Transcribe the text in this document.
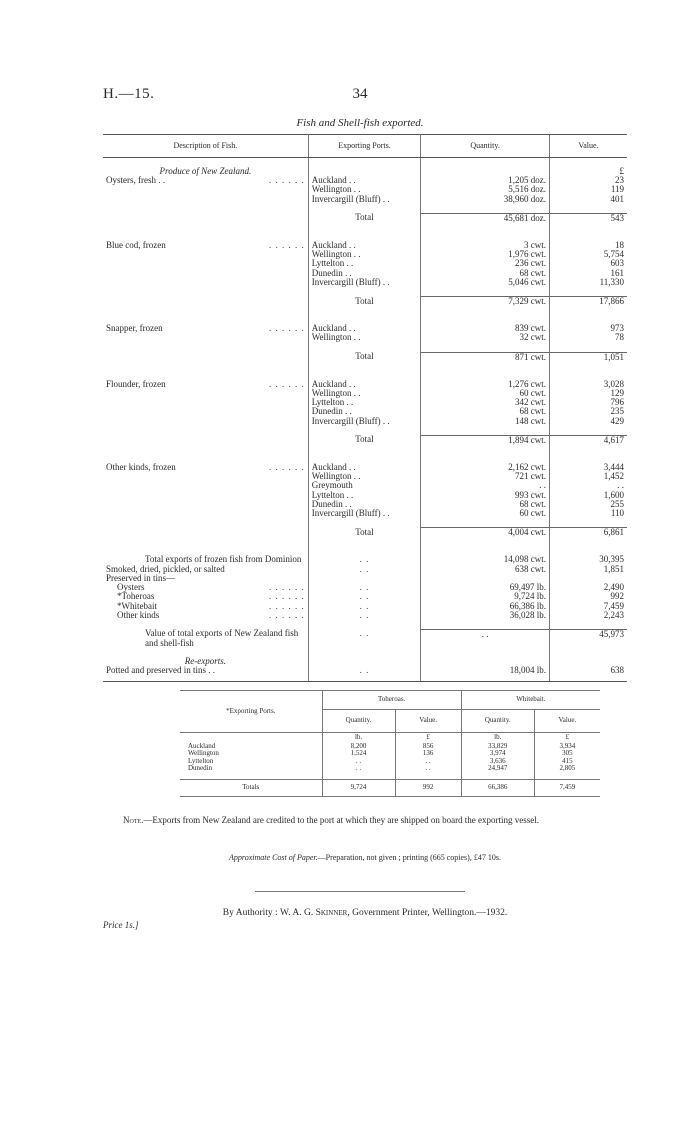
H.—15.	34
Fish and Shell-fish exported.
Description of Fish.	Exporting Ports.	Quantity.	Value.

Produce of New Zealand.			£
Oysters, fresh . . . . . . . .	Auckland . .	1,205 doz.	23
	Wellington . .	5,516 doz.	119
	Invercargill (Bluff) . .	38,960 doz.	401

	Total	45,681 doz.	543

Blue cod, frozen . . . . . .	Auckland . .	3 cwt.	18
	Wellington . .	1,976 cwt.	5,754
	Lyttelton . .	236 cwt.	603
	Dunedin . .	68 cwt.	161
	Invercargill (Bluff) . .	5,046 cwt.	11,330

	Total	7,329 cwt.	17,866

Snapper, frozen . . . . . .	Auckland . .	839 cwt.	973
	Wellington . .	32 cwt.	78

	Total	871 cwt.	1,051

Flounder, frozen . . . . . .	Auckland . .	1,276 cwt.	3,028
	Wellington . .	60 cwt.	129
	Lyttelton . .	342 cwt.	796
	Dunedin . .	68 cwt.	235
	Invercargill (Bluff) . .	148 cwt.	429

	Total	1,894 cwt.	4,617

Other kinds, frozen . . . . . .	Auckland . .	2,162 cwt.	3,444
	Wellington . .	721 cwt.	1,452
	Greymouth	. .	. .
	Lyttelton . .	993 cwt.	1,600
	Dunedin . .	68 cwt.	255
	Invercargill (Bluff) . .	60 cwt.	110

	Total	4,004 cwt.	6,861

Total exports of frozen fish from Dominion	. .	14,098 cwt.	30,395
Smoked, dried, pickled, or salted	. .	638 cwt.	1,851
Preserved in tins—			
Oysters . . . . . .	. .	69,497 lb.	2,490
*Toheroas . . . . . .	. .	9,724 lb.	992
*Whitebait . . . . . .	. .	66,386 lb.	7,459
Other kinds . . . . . .	. .	36,028 lb.	2,243

Value of total exports of New Zealand fish and shell-fish	. .	. .	45,973

Re-exports.			
Potted and preserved in tins . .	. .	18,004 lb.	638

*Exporting Ports.	Toheroas.		Whitebait.	
	Quantity.	Value.	Quantity.	Value.
	lb.	£	lb.	£
Auckland	8,200	856	33,829	3,934
Wellington	1,524	136	3,974	305
Lyttelton	. .	. .	3,636	415
Dunedin	. .	. .	24,947	2,805

Totals	9,724	992	66,386	7,459
Note.—Exports from New Zealand are credited to the port at which they are shipped on board the exporting vessel.
Approximate Cost of Paper.—Preparation, not given ; printing (665 copies), £47 10s.
By Authority : W. A. G. Skinner, Government Printer, Wellington.—1932.
Price 1s.]
